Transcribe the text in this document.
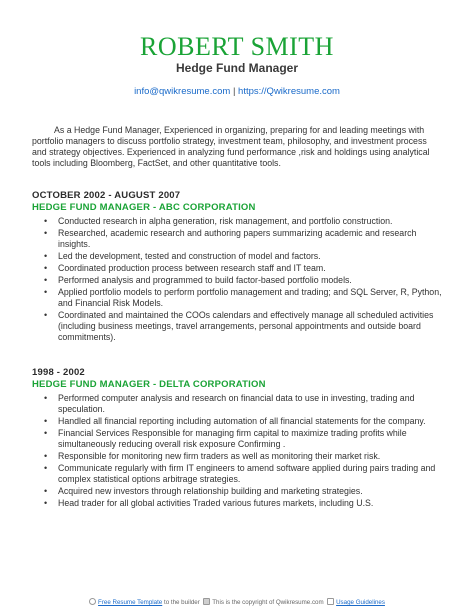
ROBERT SMITH
Hedge Fund Manager
info@qwikresume.com | https://Qwikresume.com
As a Hedge Fund Manager, Experienced in organizing, preparing for and leading meetings with portfolio managers to discuss portfolio strategy, investment team, philosophy, and investment process and strategy objectives. Experienced in analyzing fund performance ,risk and holdings using analytical tools including Bloomberg, FactSet, and other quantitative tools.
OCTOBER 2002 - AUGUST 2007
HEDGE FUND MANAGER - ABC CORPORATION
• Conducted research in alpha generation, risk management, and portfolio construction.
• Researched, academic research and authoring papers summarizing academic and research insights.
• Led the development, tested and construction of model and factors.
• Coordinated production process between research staff and IT team.
• Performed analysis and programmed to build factor-based portfolio models.
• Applied portfolio models to perform portfolio management and trading; and SQL Server, R, Python, and Financial Risk Models.
• Coordinated and maintained the COOs calendars and effectively manage all scheduled activities (including business meetings, travel arrangements, personal appointments and outside board commitments).
1998 - 2002
HEDGE FUND MANAGER - DELTA CORPORATION
• Performed computer analysis and research on financial data to use in investing, trading and speculation.
• Handled all financial reporting including automation of all financial statements for the company.
• Financial Services Responsible for managing firm capital to maximize trading profits while simultaneously reducing overall risk exposure Confirming .
• Responsible for monitoring new firm traders as well as monitoring their market risk.
• Communicate regularly with firm IT engineers to amend software applied during pairs trading and complex statistical options arbitrage strategies.
• Acquired new investors through relationship building and marketing strategies.
• Head trader for all global activities Traded various futures markets, including U.S.
Free Resume Template to the builder This is the copyright of Qwikresume.com Usage Guidelines
